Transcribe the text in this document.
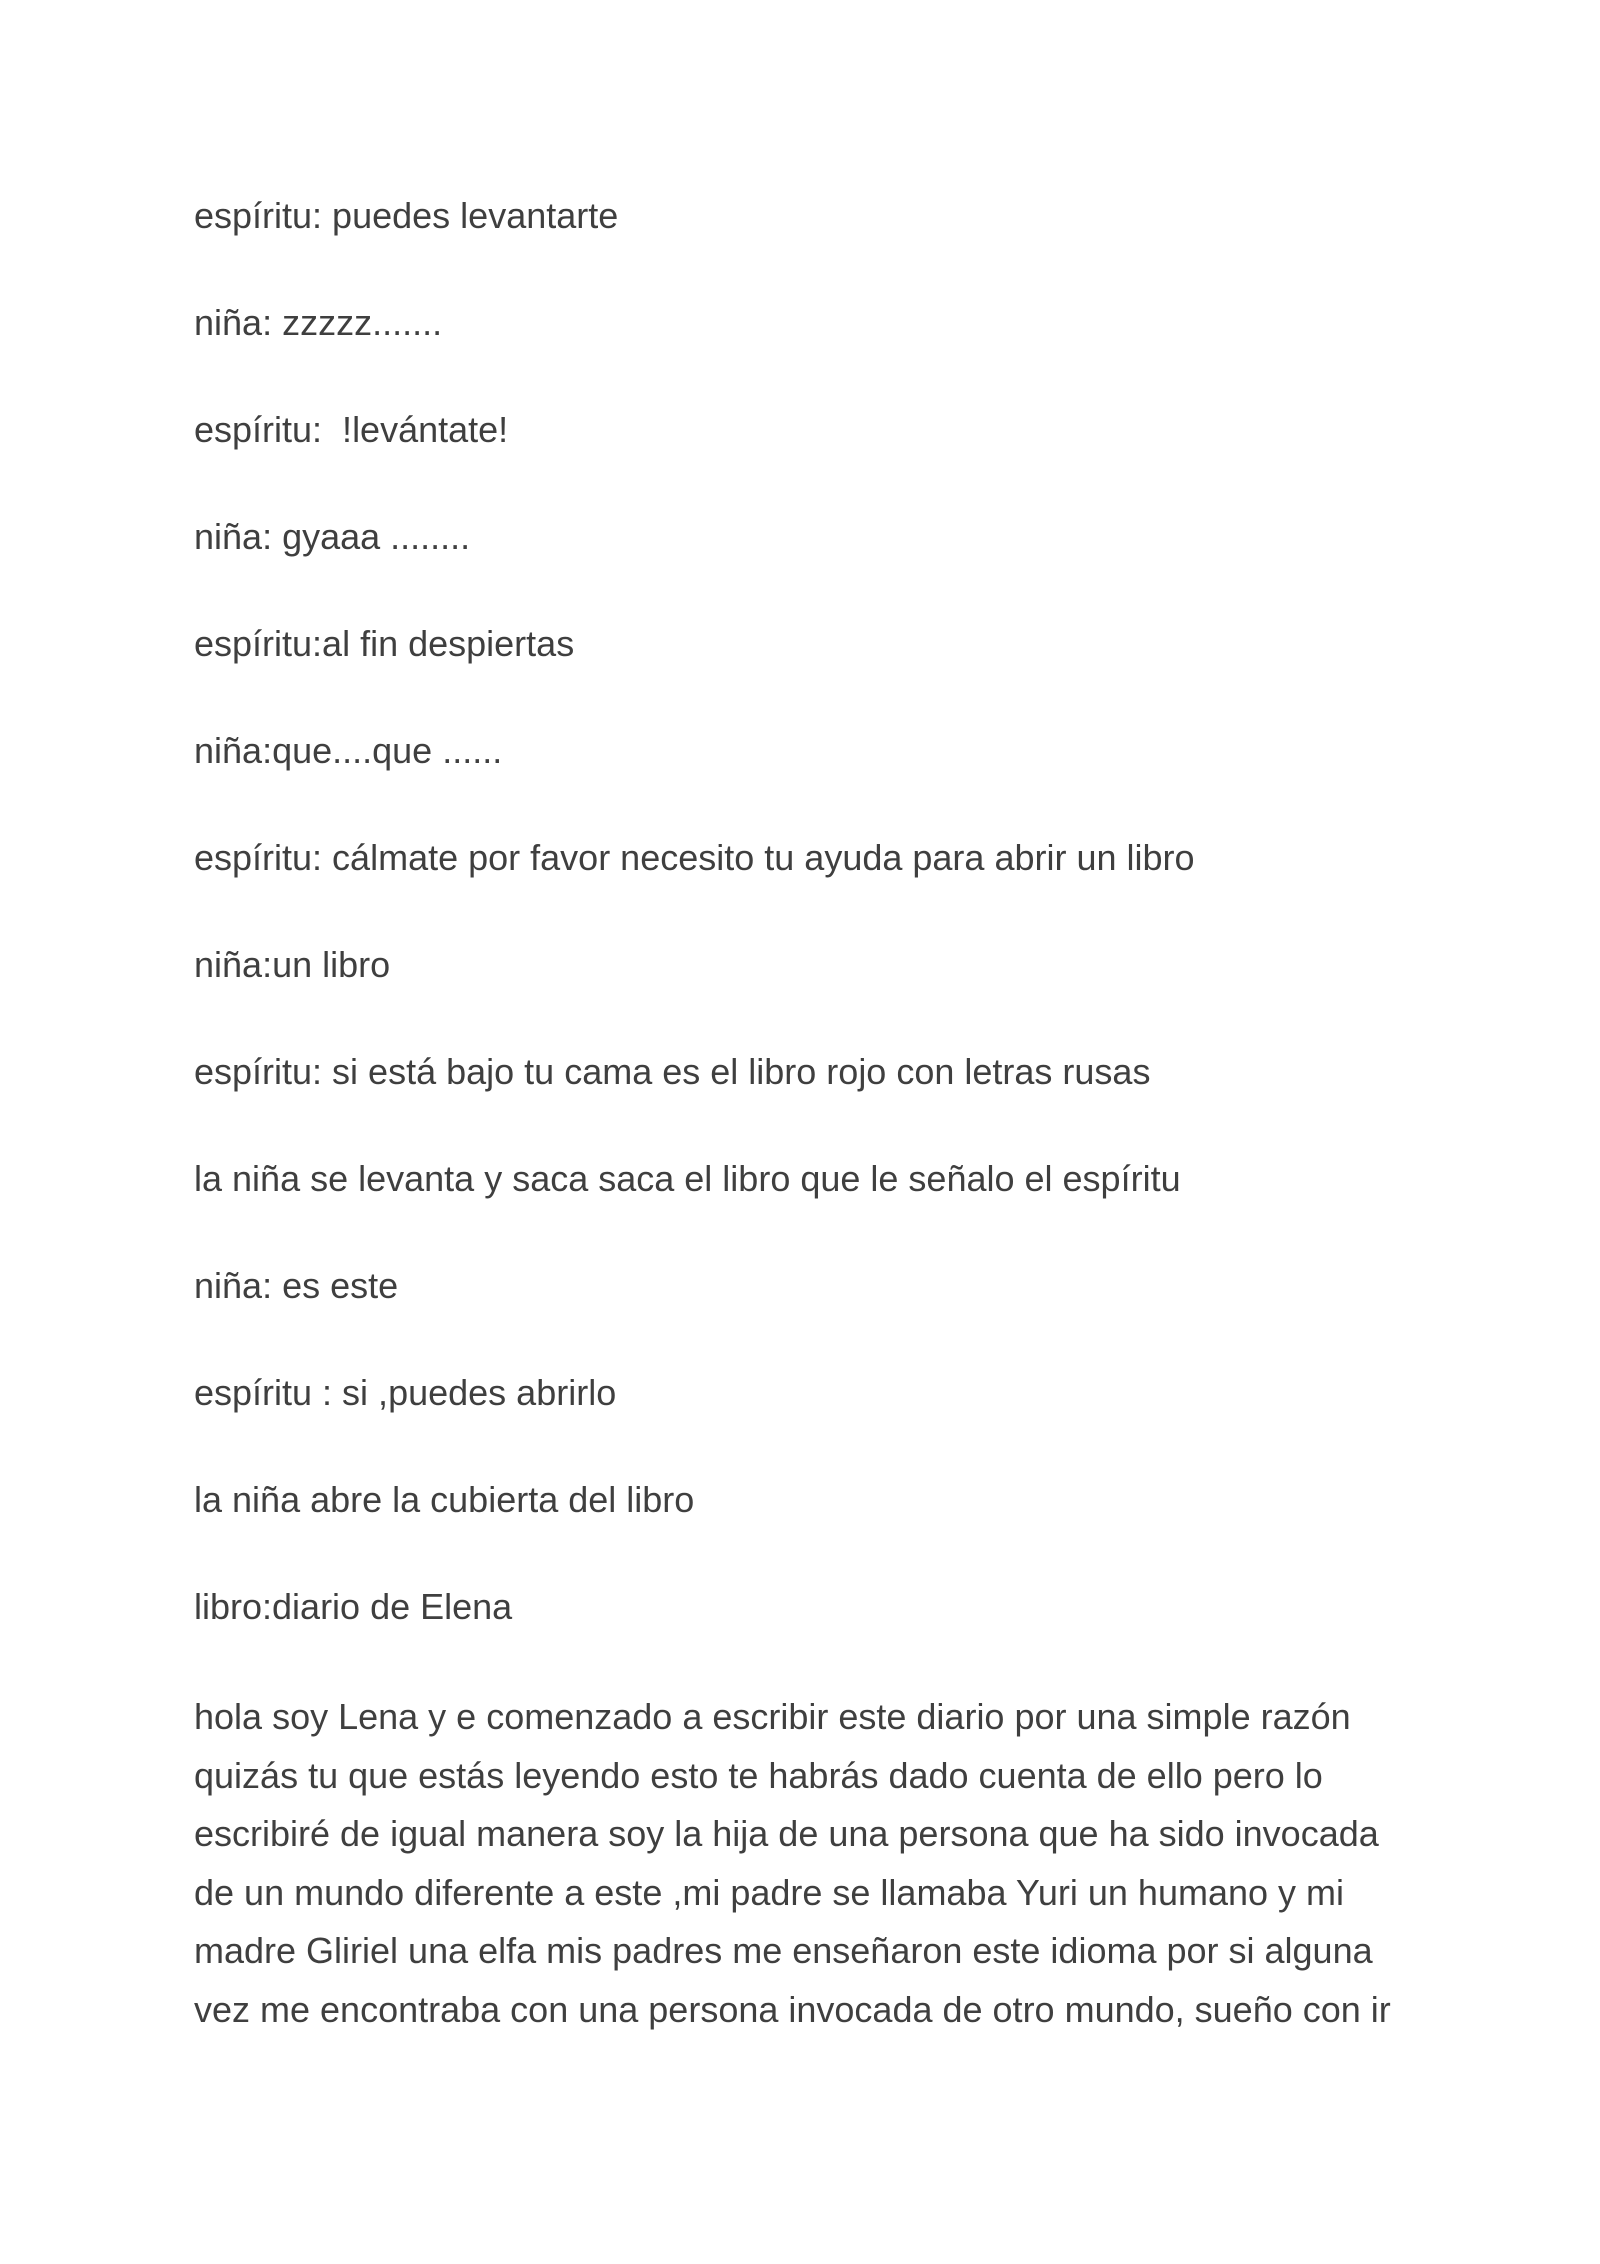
espíritu: puedes levantarte
niña: zzzzz.......
espíritu:  !levántate!
niña: gyaaa ........
espíritu:al fin despiertas
niña:que....que ......
espíritu: cálmate por favor necesito tu ayuda para abrir un libro
niña:un libro
espíritu: si está bajo tu cama es el libro rojo con letras rusas
la niña se levanta y saca saca el libro que le señalo el espíritu
niña: es este
espíritu : si ,puedes abrirlo
la niña abre la cubierta del libro
libro:diario de Elena
hola soy Lena y e comenzado a escribir este diario por una simple razón
quizás tu que estás leyendo esto te habrás dado cuenta de ello pero lo
escribiré de igual manera soy la hija de una persona que ha sido invocada
de un mundo diferente a este ,mi padre se llamaba Yuri un humano y mi
madre Gliriel una elfa mis padres me enseñaron este idioma por si alguna
vez me encontraba con una persona invocada de otro mundo, sueño con ir
